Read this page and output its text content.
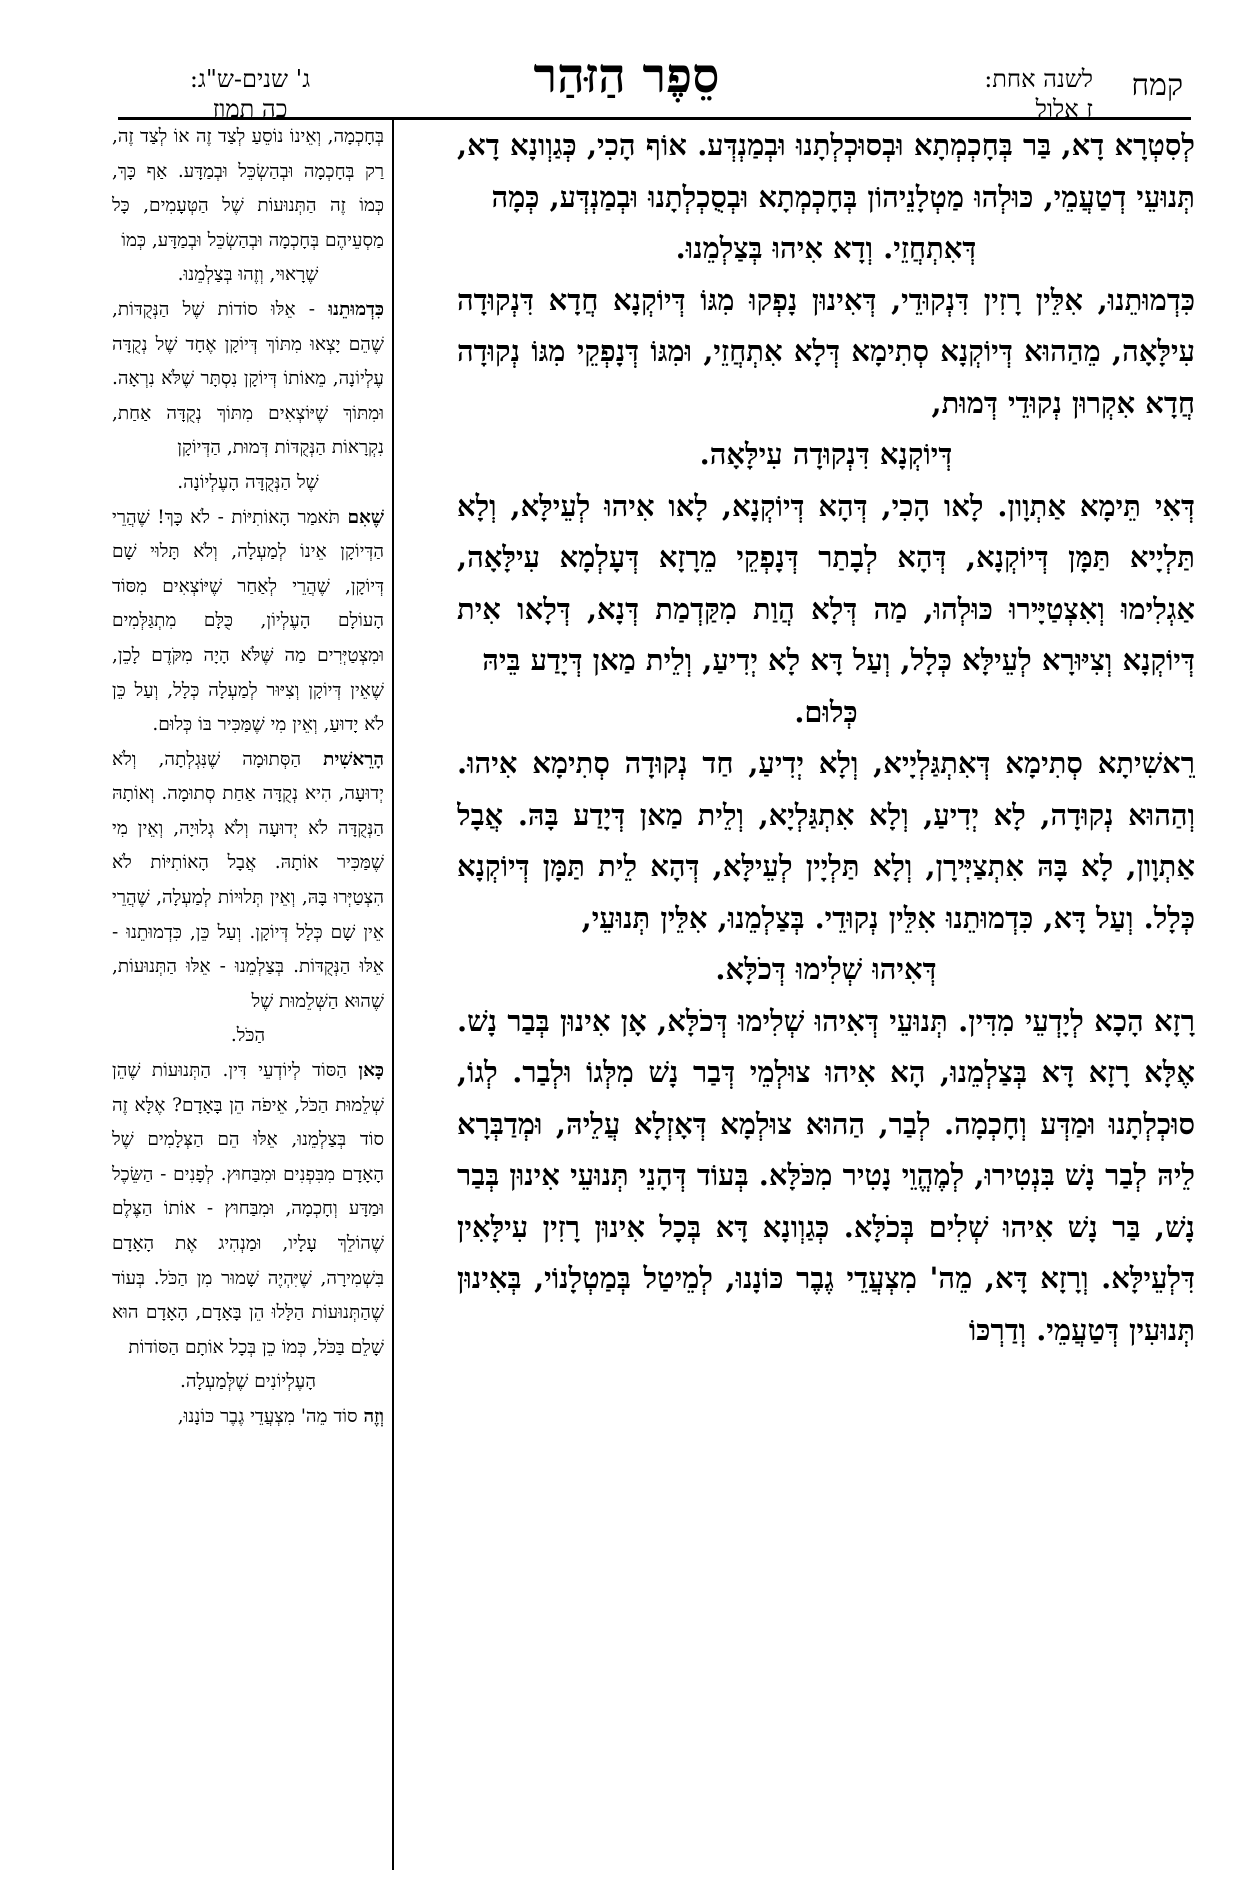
קמח
לשנה אחת:
ז אלול
סֵפֶר הַזּהַר
ג' שנים-ש"ג:
כה תמוז

לְסִטְרָא דָא, בַּר בְּחָכְמְתָא וּבְסוּכְלְתָנוּ וּבְמַנְדְּע. אוֹף הָכִי, כְּגַוְונָא דָא, תְּנוּעֵי דְטַעֲמֵי, כּוּלְהוּ מַטְלָנֵיהוֹן בְּחָכְמְתָא וּבְסֻכְלְתָנוּ וּבְמַנְדְּע, כְּמָה

דְּאִתְחֲזֵי. וְדָא אִיהוּ בְּצַלְמֵנוּ.

כִּדְמוּתֵנוּ, אִלֵּין רָזִין דִּנְקוּדֵי, דְּאִינוּן נָפְקוּ מִגּוֹ דְּיוֹקְנָא חֲדָא דִּנְקוּדָה עִילָּאָה, מֵהַהוּא דְּיוֹקְנָא סְתִימָא דְּלָא אִתְחֲזֵי, וּמִגּוֹ דְּנָפְקֵי מִגּוֹ נְקוּדָה חֲדָא אִקְרוּן נְקוּדֵי דְּמוּת,

דְּיוֹקְנָא דִּנְקוּדָה עִילָּאָה.

דְּאִי תֵּימָא אַתְוָון. לָאו הָכִי, דְּהָא דְּיוֹקְנָא, לָאו אִיהוּ לְעֵילָּא, וְלָא תַּלְיָיא תַּמָּן דְּיוֹקְנָא, דְּהָא לְבָתַר דְּנָפְקֵי מֵרָזָא דְּעָלְמָא עִילָּאָה, אַגְלִימוּ וְאִצְטַיָּירוּ כּוּלְהוּ, מַה דְּלָא הֲוַת מִקַּדְמַת דְּנָא, דְּלָאו אִית דְּיוֹקְנָא וְצִיּוּרָא לְעֵילָּא כְּלָל, וְעַל דָּא לָא יְדִיעַ, וְלֵית מַאן דְּיָדַע בֵּיהּ

כְּלוּם.

רֵאשִׁיתָא סְתִימָא דְּאִתְגַּלְיָיא, וְלָא יְדִיעַ, חַד נְקוּדָה סְתִימָא אִיהוּ. וְהַהוּא נְקוּדָה, לָא יְדִיעַ, וְלָא אִתְגַּלְיָא, וְלֵית מַאן דְּיָדַע בָּהּ. אֲבָל אַתְוָון, לָא בָּהּ אִתְצַיְּירָן, וְלָא תַּלְיָין לְעֵילָּא, דְּהָא לֵית תַּמָּן דְּיוֹקְנָא כְּלָל. וְעַל דָּא, כִּדְמוּתֵנוּ אִלֵּין נְקוּדֵי. בְּצַלְמֵנוּ, אִלֵּין תְּנוּעֵי,

דְּאִיהוּ שְׁלִימוּ דְּכֹלָּא.

רָזָא הָכָא לְיָדְעֵי מִדִּין. תְּנוּעֵי דְּאִיהוּ שְׁלִימוּ דְּכֹלָּא, אָן אִינוּן בְּבַר נָשׁ. אֶלָּא רָזָא דָּא בְּצַלְמֵנוּ, הָא אִיהוּ צוּלְמֵי דְּבַר נָשׁ מִלְּגוֹ וּלְבַר. לְגוֹ, סוּכְלְתָנוּ וּמַדְּע וְחָכְמָה. לְבַר, הַהוּא צוּלְמָא דְּאָזְלָא עֲלֵיהּ, וּמְדַבְּרָא לֵיהּ לְבַר נָשׁ בִּנְטִירוּ, לְמֶהֱוֵי נָטִיר מִכֹּלָּא. בְּעוֹד דְּהָנֵי תְּנוּעֵי אִינוּן בְּבַר נָשׁ, בַּר נָשׁ אִיהוּ שְׁלִים בְּכֹלָּא. כְּגַוְונָא דָּא בְּכָל אִינוּן רָזִין עִילָּאִין דִּלְעֵילָּא. וְרָזָא דָּא, מֵה' מִצְעֲדֵי גֶבֶר כּוֹנָנוּ, לְמֵיטַל בְּמַטְלָנוֹי, בְּאִינוּן תְּנוּעִין דְּטַעֲמֵי. וְדַרְכּוֹ

בְּחָכְמָה, וְאֵינוֹ נוֹסֵעַ לְצַד זֶה אוֹ לְצַד זֶה, רַק בְּחָכְמָה וּבְהַשְׂכֵּל וּבְמַדָּע. אַף כָּךְ, כְּמוֹ זֶה הַתְּנוּעוֹת שֶׁל הַטְּעָמִים, כָּל מַסְעֵיהֶם בְּחָכְמָה וּבְהַשְׂכֵּל וּבְמַדָּע, כְּמוֹ

שֶׁרָאוּי, וְזֶהוּ בְּצַלְמֵנוּ.

כִּדְמוּתֵנוּ - אֵלּוּ סוֹדוֹת שֶׁל הַנְּקֻדּוֹת, שֶׁהֵם יָצְאוּ מִתּוֹךְ דְּיוֹקָן אֶחָד שֶׁל נְקֻדָּה עֶלְיוֹנָה, מֵאוֹתוֹ דְּיוֹקָן נִסְתָּר שֶׁלֹּא נִרְאָה. וּמִתּוֹךְ שֶׁיּוֹצְאִים מִתּוֹךְ נְקֻדָּה אַחַת, נִקְרָאוֹת הַנְּקֻדּוֹת דְּמוּת, הַדְּיוֹקָן

שֶׁל הַנְּקֻדָּה הָעֶלְיוֹנָה.

שֶׁאִם תֹּאמַר הָאוֹתִיּוֹת - לֹא כָּךְ! שֶׁהֲרֵי הַדְּיוֹקָן אֵינוֹ לְמַעְלָה, וְלֹא תָּלוּי שָׁם דְּיוֹקָן, שֶׁהֲרֵי לְאַחַר שֶׁיּוֹצְאִים מִסּוֹד הָעוֹלָם הָעֶלְיוֹן, כֻּלָּם מִתְגַּלְּמִים וּמִצְטַיְּרִים מַה שֶּׁלֹּא הָיָה מִקֹּדֶם לָכֵן, שֶׁאֵין דְּיוֹקָן וְצִיּוּר לְמַעְלָה כְּלָל, וְעַל כֵּן לֹא יָדוּעַ, וְאֵין מִי שֶׁמַּכִּיר בּוֹ כְּלוּם.

הָרֵאשִׁית הַסְּתוּמָה שֶׁנִּגְלְתָה, וְלֹא יְדוּעָה, הִיא נְקֻדָּה אַחַת סְתוּמָה. וְאוֹתָהּ הַנְּקֻדָּה לֹא יְדוּעָה וְלֹא גְלוּיָה, וְאֵין מִי שֶׁמַּכִּיר אוֹתָהּ. אֲבָל הָאוֹתִיּוֹת לֹא הִצְטַיְּרוּ בָּהּ, וְאֵין תְּלוּיוֹת לְמַעְלָה, שֶׁהֲרֵי אֵין שָׁם כְּלָל דְּיוֹקָן. וְעַל כֵּן, כִּדְמוּתֵנוּ - אֵלּוּ הַנְּקֻדּוֹת. בְּצַלְמֵנוּ - אֵלּוּ הַתְּנוּעוֹת, שֶׁהוּא הַשְּׁלֵמוּת שֶׁל

הַכֹּל.

כָּאן הַסּוֹד לְיוֹדְעֵי דִּין. הַתְּנוּעוֹת שֶׁהֵן שְׁלֵמוּת הַכֹּל, אֵיפֹה הֵן בָּאָדָם? אֶלָּא זֶה סוֹד בְּצַלְמֵנוּ, אֵלּוּ הֵם הַצְּלָמִים שֶׁל הָאָדָם מִבִּפְנִים וּמִבַּחוּץ. לְפָנִים - הַשֵּׂכֶל וּמַדָּע וְחָכְמָה, וּמִבַּחוּץ - אוֹתוֹ הַצֶּלֶם שֶׁהוֹלֵךְ עָלָיו, וּמַנְהִיג אֶת הָאָדָם בִּשְׁמִירָה, שֶׁיִּהְיֶה שָׁמוּר מִן הַכֹּל. בְּעוֹד שֶׁהַתְּנוּעוֹת הַלָּלוּ הֵן בָּאָדָם, הָאָדָם הוּא שָׁלֵם בַּכֹּל, כְּמוֹ כֵן בְּכָל אוֹתָם הַסּוֹדוֹת

הָעֶלְיוֹנִים שֶׁלְּמַעְלָה.

וְזֶה סוֹד מֵה' מִצְעֲדֵי גֶבֶר כּוֹנָנוּ,
